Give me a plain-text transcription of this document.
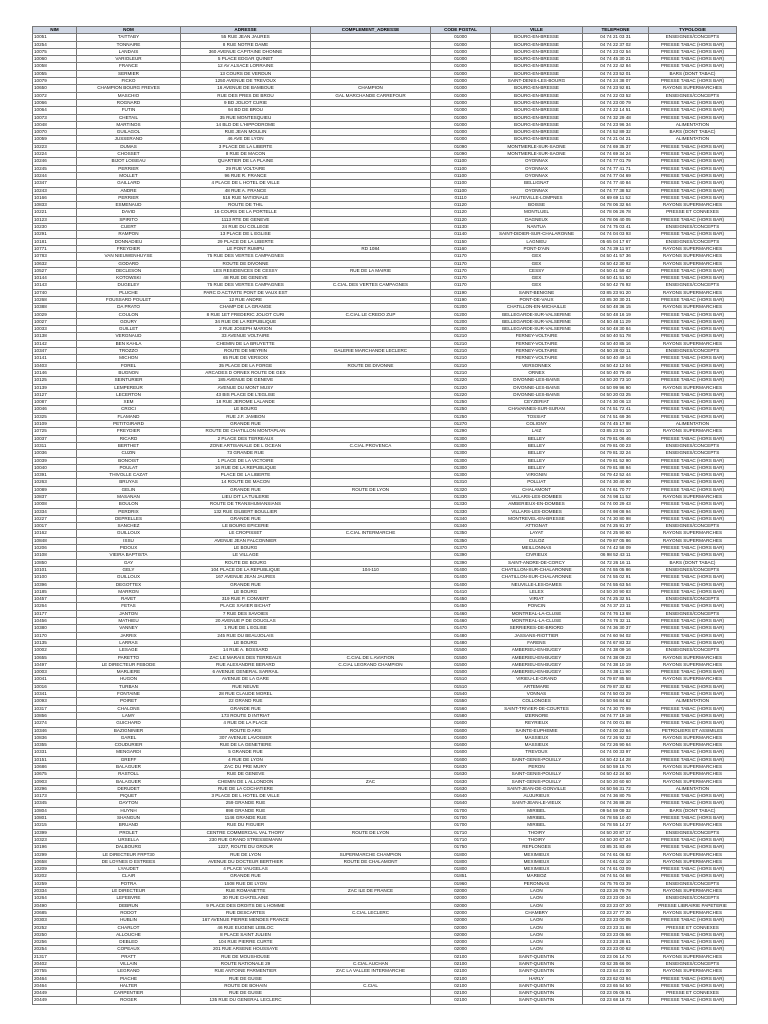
NIM	NOM	ADRESSE	COMPLEMENT_ADRESSE	CODE POSTAL	VILLE	TELEPHONE	TYPOLOGIE
10051	TAITTABY	55 RUE JEAN JAURES		01000	BOURG-EN-BRESSE	04 74 21 03 31	ENSEIGNES/CONCEPTS
10254	TONNAIRE	8 RUE NOTRE DAME		01000	BOURG-EN-BRESSE	04 74 22 37 02	PRESSE TABAC (HORS BAR)
10075	LANDAIS	360 AVENUE CAPITAINE DHONNE		01000	BOURG-EN-BRESSE	04 74 23 02 54	PRESSE TABAC (HORS BAR)
10060	VARIOLEUR	5 PLACE EDGAR QUINET		01000	BOURG-EN-BRESSE	04 74 45 30 21	PRESSE TABAC (HORS BAR)
10058	FRANCE	12 AV ALSACE LORRAINE		01000	BOURG-EN-BRESSE	04 74 22 42 84	PRESSE TABAC (HORS BAR)
10055	SERMIER	13 COURS DE VERDUN		01000	BOURG-EN-BRESSE	04 74 23 52 01	BARS (DONT TABAC)
10079	FICKO	1250 AVENUE DE TREVOUX		01000	SAINT-DENIS-LES-BOURG	04 74 24 38 07	PRESSE TABAC (HORS BAR)
10650	CHAMPION BOURG FREVES	16 AVENUE DE BAMBOUE	CHAMPION	01000	BOURG-EN-BRESSE	04 74 23 92 81	RAYONS SUPERMARCHES
10072	MASCHIO	RUE DES PRES DE BROU	GAL MARCHANDE CARREFOUR	01000	BOURG-EN-BRESSE	04 74 22 03 52	ENSEIGNES/CONCEPTS
10066	ROGNARD	9 BD JOLIOT CURIE		01000	BOURG-EN-BRESSE	04 74 23 00 79	PRESSE TABAC (HORS BAR)
10064	FUTIN	94 BD DE BROU		01000	BOURG-EN-BRESSE	04 74 22 14 51	PRESSE TABAC (HORS BAR)
10073	CHETAIL	35 RUE MONTESQUIEU		01000	BOURG-EN-BRESSE	04 74 32 29 48	PRESSE TABAC (HORS BAR)
10048	MARTINOS	14 BLD DE L'HIPPODROME		01000	BOURG-EN-BRESSE	04 74 23 96 34	ALIMENTATION
10070	GUILAGOL	RUE JEAN MOULIN		01000	BOURG-EN-BRESSE	04 74 52 89 32	BARS (DONT TABAC)
10059	JUSSERAND	46 AVE DE LYON		01000	BOURG-EN-BRESSE	04 74 21 04 21	ALIMENTATION
10223	DUMAS	3 PLACE DE LA LIBERTE		01090	MONTMERLE-SUR-SAONE	04 74 69 35 37	PRESSE TABAC (HORS BAR)
10224	CHOSSET	8 RUE DE MACON		01090	MONTMERLE-SUR-SAONE	04 74 69 34 24	PRESSE TABAC (HORS BAR)
10246	BIJOT LOISEAU	QUARTIER DE LA PLAINE		01100	OYONNAX	04 74 77 01 79	PRESSE TABAC (HORS BAR)
10245	PERRIER	29 RUE VOLTAIRE		01100	OYONNAX	04 74 77 41 71	PRESSE TABAC (HORS BAR)
10244	MOLLET	96 RUE R. FRANCE		01100	OYONNAX	04 74 77 04 69	PRESSE TABAC (HORS BAR)
10347	GAILLARD	4 PLACE DE L HOTEL DE VILLE		01100	BELLIGNAT	04 74 77 40 84	PRESSE TABAC (HORS BAR)
10243	ANDRE	48 RUE A. FRANCE		01100	OYONNAX	04 74 77 38 52	PRESSE TABAC (HORS BAR)
10166	PERRIER	516 RUE NATIONALE		01110	HAUTEVILLE-LOMPNES	04 69 69 11 52	PRESSE TABAC (HORS BAR)
10833	ESMENAUD	ROUTE DE THIL		01120	BOISSE	04 78 06 32 64	RAYONS SUPERMARCHES
10221	DAVID	16 COURS DE LA PORTELLE		01120	MONTLUEL	04 78 06 26 78	PRESSE ET CONNEXES
10123	SPIRITO	1113 RTE DE GENEVE		01120	DAGNEUX	04 78 06 40 05	PRESSE TABAC (HORS BAR)
10230	CUERT	24 RUE DU COLLEGE		01130	NANTUA	04 74 75 03 41	ENSEIGNES/CONCEPTS
10291	RAMPON	13 PLACE DE L EGLISE		01140	SAINT-DIDIER-SUR-CHALARONNE	04 74 04 03 93	PRESSE TABAC (HORS BAR)
10181	DONNADIEU	29 PLACE DE LA LIBERTE		01150	LAGNIEU	05 65 04 17 67	ENSEIGNES/CONCEPTS
10771	FREYDIER	LE PONT RUMPU	RD 1084	01160	PONT-D'AIN	04 74 39 11 97	RAYONS SUPERMARCHES
10783	VAN NIEUWENHUYSE	75 RUE DES VERTES CAMPAGNES		01170	GEX	04 50 41 57 36	RAYONS SUPERMARCHES
10632	GODARD	ROUTE DE DIVONNE		01170	GEX	04 50 42 30 92	RAYONS SUPERMARCHES
10527	DECLESON	LES RESIDENCES DE CESSY	RUE DE LA MAIRIE	01170	CESSY	04 50 41 59 42	PRESSE TABAC (HORS BAR)
10144	KOTOWSKI	48 RUE DE GENEVE		01170	GEX	04 50 41 51 50	PRESSE TABAC (HORS BAR)
10143	DUGELEY	75 RUE DES VERTES CAMPAGNES	C.CIAL DES VERTES CAMPAGNES	01170	GEX	04 50 42 76 92	ENSEIGNES/CONCEPTS
10740	PLUCHE	PARC D ACTIVITE PONT DE VAUX EST		01190	SAINT-BENIGNE	03 85 23 91 20	RAYONS SUPERMARCHES
10268	FOUSSARD POULET	12 RUE ANDRE		01190	PONT-DE-VAUX	03 85 30 30 21	PRESSE TABAC (HORS BAR)
10388	DA PRATO	CHAMP DE LA GRANGE		01200	CHATILLON-EN-MICHAILLE	04 50 48 36 15	RAYONS SUPERMARCHES
10029	COULON	8 RUE 1ET FREDERIC JOLIOT CURI	C.CIAL LE CREDO ZUP	01200	BELLEGARDE-SUR-VALSERINE	04 50 48 16 19	PRESSE TABAC (HORS BAR)
10027	GOURY	34 RUE DE LA REPUBLIQUE		01200	BELLEGARDE-SUR-VALSERINE	04 50 48 11 29	PRESSE TABAC (HORS BAR)
10033	GUILLET	2 RUE JOSEPH MARION		01200	BELLEGARDE-SUR-VALSERINE	04 50 48 30 84	PRESSE TABAC (HORS BAR)
10138	VERGNAUD	33 AVENUE VOLTAIRE		01210	FERNEY-VOLTAIRE	04 50 40 51 78	PRESSE TABAC (HORS BAR)
10142	BEN KAHLA	CHEMIN DE LA BRUYETTE		01210	FERNEY-VOLTAIRE	04 50 40 85 16	RAYONS SUPERMARCHES
10347	TROZZO	ROUTE DE MEYRIN	GALERIE MARCHANDE LECLERC	01210	FERNEY-VOLTAIRE	04 50 28 02 11	ENSEIGNES/CONCEPTS
10141	MICHON	65 RUE DE VERSOIX		01210	FERNEY-VOLTAIRE	04 50 40 49 14	PRESSE TABAC (HORS BAR)
10403	FOREL	35 PLACE DE LA FORGE	ROUTE DE DIVONNE	01210	VERSONNEX	04 50 42 12 04	PRESSE TABAC (HORS BAR)
10146	BUGNON	ARCADES D ORNEX ROUTE DE GEX		01210	ORNEX	04 50 40 79 49	PRESSE TABAC (HORS BAR)
10125	SEINTURIER	185 AVENUE DE GENEVE		01220	DIVONNE-LES-BAINS	04 50 20 73 10	PRESSE TABAC (HORS BAR)
10139	LEMPEREUR	AVENUE DU MONT MUSY		01220	DIVONNE-LES-BAINS	04 50 99 96 90	RAYONS SUPERMARCHES
10127	LECERTON	43 BIS PLACE DE L'EGLISE		01220	DIVONNE-LES-BAINS	04 50 20 03 25	PRESSE TABAC (HORS BAR)
10087	XEM	18 RUE JEROME LALANDE		01250	CEYZERIAT	04 74 30 06 13	PRESSE TABAC (HORS BAR)
10046	CROCI	LE BOURG		01250	CHAVANNES-SUR-SURAN	04 74 51 72 41	PRESSE TABAC (HORS BAR)
10325	FLAMAND	RUE J.F. JAMBON		01250	TOSSIAT	04 74 51 69 36	PRESSE TABAC (HORS BAR)
10109	PETITGIRARD	GRANDE RUE		01270	COLIGNY	04 74 45 17 98	ALIMENTATION
10725	FREYDIER	ROUTE DE CHATILLON MONTAPLAN		01290	LAIZ	03 85 23 91 10	RAYONS SUPERMARCHES
10037	RICARD	2 PLACE DES TERREAUX		01300	BELLEY	04 79 81 06 46	PRESSE TABAC (HORS BAR)
10311	BERTHET	ZONE ARTISANALE DE L OCEAN	C.CIAL PROVENCA	01300	BELLEY	04 79 81 00 23	ENSEIGNES/CONCEPTS
10036	CUZIN	73 GRANDE RUE		01300	BELLEY	04 79 81 32 24	ENSEIGNES/CONCEPTS
10039	BONOIST	1 PLACE DE LA VICTOIRE		01300	BELLEY	04 79 81 52 90	PRESSE TABAC (HORS BAR)
10040	POULAT	16 RUE DE LA REPUBLIQUE		01300	BELLEY	04 79 81 88 94	PRESSE TABAC (HORS BAR)
10391	THIVOLLE CAZAT	PLACE DE LA LIBERTE		01300	VIRIGNIN	04 79 42 52 44	PRESSE TABAC (HORS BAR)
10263	BRUYAS	14 ROUTE DE MACON		01310	POLLIAT	04 74 30 40 80	PRESSE TABAC (HORS BAR)
10089	GELIN	GRANDE RUE	ROUTE DE LYON	01320	CHALAMONT	04 74 61 70 77	PRESSE TABAC (HORS BAR)
10837	MASANAN	LIEU DIT LA TUILERIE		01330	VILLARS-LES-DOMBES	04 74 98 11 52	RAYONS SUPERMARCHES
10008	BOULON	ROUTE DE TRANSHUMANSIANS		01330	AMBERIEUX-EN-DOMBES	04 74 00 29 43	PRESSE TABAC (HORS BAR)
10334	PERDRIX	132 RUE GILBERT BOULLIER		01330	VILLARS-LES-DOMBES	04 74 98 08 94	PRESSE TABAC (HORS BAR)
10227	DEPRELLES	GRANDE RUE		01340	MONTREVEL-EN-BRESSE	04 74 30 80 98	PRESSE TABAC (HORS BAR)
10017	SANCHEZ	LE BOURG EPICERIE		01340	ATTIGNAT	04 74 25 91 37	ENSEIGNES/CONCEPTS
10162	GUILLOUX	LE CROPISSET	C.CIAL INTERMARCHE	01350	LAYAT	04 74 25 90 60	RAYONS SUPERMARCHES
10848	ISSU	AVENUE JEAN FALCONNIER		01350	CULOZ	04 79 87 05 86	RAYONS SUPERMARCHES
10206	PIDOUX	LE BOURG		01370	MEILLONNAS	04 74 42 58 09	PRESSE TABAC (HORS BAR)
10108	VIEIRA BAPTISTA	LE VILLAGE		01390	CIVRIEUX	06 98 52 43 11	PRESSE TABAC (HORS BAR)
10850	GAY	ROUTE DE BOURG		01390	SAINT-ANDRE-DE-CORCY	04 72 26 16 11	BARS (DONT TABAC)
10101	GELY	104 PLACE DE LA REPUBLIQUE	104-110	01400	CHATILLON-SUR-CHALARONNE	04 74 55 05 86	ENSEIGNES/CONCEPTS
10100	GUILLOUX	167 AVENUE JEAN JAURES		01400	CHATILLON-SUR-CHALARONNE	04 74 55 02 91	PRESSE TABAC (HORS BAR)
10396	DEGOTTEX	GRANDE RUE		01400	NEUVILLE-LES-DAMES	04 74 55 63 54	PRESSE TABAC (HORS BAR)
10185	MARRON	LE BOURG		01410	LELEX	04 50 20 90 83	PRESSE TABAC (HORS BAR)
10457	RAVET	319 RUE P. CONVERT		01450	VIRIAT	04 74 25 32 51	ENSEIGNES/CONCEPTS
10264	FETAS	PLACE XAVIER BICHAT		01450	PONCIN	04 74 37 23 11	PRESSE TABAC (HORS BAR)
10177	JANTON	7 RUE DES SAVOIES		01460	MONTREAL-LA-CLUSE	04 74 76 13 68	ENSEIGNES/CONCEPTS
10456	MATHIEU	20 AVENUE P DE DOUGLAS		01460	MONTREAL-LA-CLUSE	04 74 76 32 11	PRESSE TABAC (HORS BAR)
10380	VANNEY	1 RUE DE L EGLISE		01470	SERRIERES-DE-BRIORD	04 74 36 30 37	PRESSE TABAC (HORS BAR)
10170	JARRIX	245 RUE DU BEAUJOLAIS		01480	JASSANS-RIOTTIER	04 74 60 94 02	PRESSE TABAC (HORS BAR)
10135	LARRAS	LE BOURG		01480	FARENS	04 74 67 83 32	PRESSE TABAC (HORS BAR)
10002	LESAGE	14 RUE A. BOSSARD		01500	AMBERIEU-EN-BUGEY	04 74 38 09 16	ENSEIGNES/CONCEPTS
10655	PARETTO	ZAC LE MARAIS DES TERREAUX	C.CIAL DE L AVIATION	01500	AMBERIEU-EN-BUGEY	04 74 38 09 23	RAYONS SUPERMARCHES
10497	LE DIRECTEUR FEBODE	RUE ALEXANDRE BERARD	C.CIAL LEGRAND CHAMPION	01500	AMBERIEU-EN-BUGEY	04 74 38 10 19	RAYONS SUPERMARCHES
10003	MARLIERE	6 AVENUE GENERAL SARRAIL		01500	AMBERIEU-EN-BUGEY	04 74 38 11 90	PRESSE TABAC (HORS BAR)
10041	HUGON	AVENUE DE LA GARE		01510	VIRIEU-LE-GRAND	04 79 87 85 58	RAYONS SUPERMARCHES
10016	TURBAN	RUE NEUVE		01510	ARTEMARE	04 79 87 32 82	PRESSE TABAC (HORS BAR)
10341	FONTAINE	28 RUE CLAUDE MOREL		01540	VONNAS	04 74 50 03 29	PRESSE TABAC (HORS BAR)
10093	POIRET	22 GRAND RUE		01550	COLLONGES	04 50 56 84 62	ALIMENTATION
10317	CHALONS	GRANDE RUE		01560	SAINT-TRIVIER-DE-COURTES	04 74 30 70 99	PRESSE TABAC (HORS BAR)
10856	LAMY	173 ROUTE D INTRIAT		01580	IZERNORE	04 74 77 19 18	PRESSE TABAC (HORS BAR)
10274	GUICHARD	4 RUE DE LA PLACE		01600	REYRIEUX	04 74 00 01 88	PRESSE TABAC (HORS BAR)
10346	BAZIGNINIER	ROUTE D ARS		01600	SAINTE-EUPHEMIE	04 74 00 22 64	PETROLIERS ET ASSIMILES
10836	GAREL	307 AVENUE LAVOISIER		01600	MASSIEUX	04 72 26 92 32	RAYONS SUPERMARCHES
10355	COUDURIER	RUE DE LA GENETIERE		01600	MASSIEUX	04 72 26 90 64	RAYONS SUPERMARCHES
10331	MENGARDI	5 GRANDE RUE		01600	TREVOUX	04 74 00 33 97	PRESSE TABAC (HORS BAR)
10151	GREFF	4 RUE DE LYON		01600	SAINT-GENIS-POUILLY	04 50 42 14 28	PRESSE TABAC (HORS BAR)
10686	BALAGUER	ZAC DU PRE MURY		01630	PERON	04 50 59 15 70	RAYONS SUPERMARCHES
10675	RASTOLL	RUE DE GENEVE		01630	SAINT-GENIS-POUILLY	04 50 42 24 60	RAYONS SUPERMARCHES
10903	BALAGUER	CHEMIN DE L ALLONDON	ZAC	01630	SAINT-GENIS-POUILLY	04 50 20 60 60	RAYONS SUPERMARCHES
10296	DERUDET	RUE DE LA COCHATIERE		01630	SAINT-JEAN-DE-GONVILLE	04 50 56 31 72	ALIMENTATION
10173	PIQUET	3 PLACE DE L HOTEL DE VILLE		01640	AUJURIEUX	04 74 36 80 75	PRESSE TABAC (HORS BAR)
10345	DAYTON	259 GRANDE RUE		01640	SAINT-JEAN-LE-VIEUX	04 74 36 88 28	PRESSE TABAC (HORS BAR)
10804	HUYNH	898 GRANDE RUE		01700	MIRIBEL	09 54 59 09 32	BARS (DONT TABAC)
10801	SHANGUN	1146 GRANDE RUE		01700	MIRIBEL	04 78 55 10 40	PRESSE TABAC (HORS BAR)
10215	BRUAND	RUE DU FIGUIER		01700	MIRIBEL	04 78 55 14 27	RAYONS SUPERMARCHES
10399	PROLET	CENTRE COMMERCIAL VAL THORY	ROUTE DE LYON	01710	THOIRY	04 50 20 87 17	ENSEIGNES/CONCEPTS
10323	URSELLA	230 RUE GRAND STRESSEMANN		01710	THOIRY	04 50 20 67 24	PRESSE TABAC (HORS BAR)
10196	DALBOURG	1227, ROUTE DU GROUR		01750	REPLONGES	03 85 31 83 49	PRESSE TABAC (HORS BAR)
10299	LE DIRECTEUR FRPT30	RUE DE LYON	SUPERMARCHE CHAMPION	01800	MEXIMIEUX	04 74 61 06 82	RAYONS SUPERMARCHES
10658	DE LOYNES D ESTREES	AVENUE DU DOCTEUR BERTHIER	ROUTE DE CHALAMONT	01800	MEXIMIEUX	04 74 61 02 10	RAYONS SUPERMARCHES
10209	LYAUDET	4 PLACE VAUGELAS		01800	MEXIMIEUX	04 74 61 03 09	PRESSE TABAC (HORS BAR)
10202	CLAIR	GRANDE RUE		01851	MARBOZ	04 74 51 04 68	PRESSE TABAC (HORS BAR)
10259	POTRA	1508 RUE DE LYON		01960	PERONNAS	04 75 76 03 39	ENSEIGNES/CONCEPTS
20334	LE DIRECTEUR	RUE ROMANETTE	ZAC ILE DE FRANCE	02000	LAON	03 23 26 79 79	RAYONS SUPERMARCHES
10264	LEFEBVRE	30 RUE CHATELAINE		02000	LAON	03 23 23 00 34	ENSEIGNES/CONCEPTS
20490	DEBRUN	9 PLACE DES DROITS DE L HOMME		02000	LAON	03 23 23 07 20	PRESSE LIBRAIRIE PAPETERIE
20685	RODOT	RUE DESCARTES	C.CIAL LECLERC	02000	CHAMBRY	03 23 27 77 30	RAYONS SUPERMARCHES
20303	HUBLIN	167 AVENUE PIERRE MENDES FRANCE		02000	LAON	03 23 23 00 05	PRESSE TABAC (HORS BAR)
20252	CHARLOT	46 RUE EUGENE LEBLOC		02000	LAON	03 23 23 31 88	PRESSE ET CONNEXES
20250	ALLOUCHE	8 PLACE SAINT JULIEN		02000	LAON	03 23 23 05 66	PRESSE TABAC (HORS BAR)
20256	DEBLED	104 RUE PIERRE CURTE		02000	LAON	03 23 23 28 61	PRESSE TABAC (HORS BAR)
20254	COPEAUX	201 RUE ARSENE HOUSSAYE		02000	LAON	03 23 23 00 62	PRESSE TABAC (HORS BAR)
21317	PRATT	RUE DE MOUSHOUSE		02100	SAINT-QUENTIN	03 23 06 14 70	RAYONS SUPERMARCHES
20402	VILLAIN	ROUTE NATIONALE 29	C.CIAL AUCHAN	02100	SAINT-QUENTIN	03 62 35 66 06	ENSEIGNES/CONCEPTS
20755	LEGRAND	RUE ANTOINE PARMENTIER	ZAC LA VALLEE INTERMARCHE	02100	SAINT-QUENTIN	03 23 64 21 00	RAYONS SUPERMARCHES
20464	PIACHE	RUE DE GUISE		02100	HARLY	03 23 62 03 94	PRESSE TABAC (HORS BAR)
20464	HALTER	ROUTE DE BOHAIN	C.CIAL	02100	SAINT-QUENTIN	03 23 65 54 50	PRESSE TABAC (HORS BAR)
20449	CARPENTIER	RUE DE GUISE		02100	SAINT-QUENTIN	03 23 05 05 91	PRESSE ET CONNEXES
20449	ROGER	135 RUE DU GENERAL LECLERC		02100	SAINT-QUENTIN	03 23 68 16 73	PRESSE TABAC (HORS BAR)
